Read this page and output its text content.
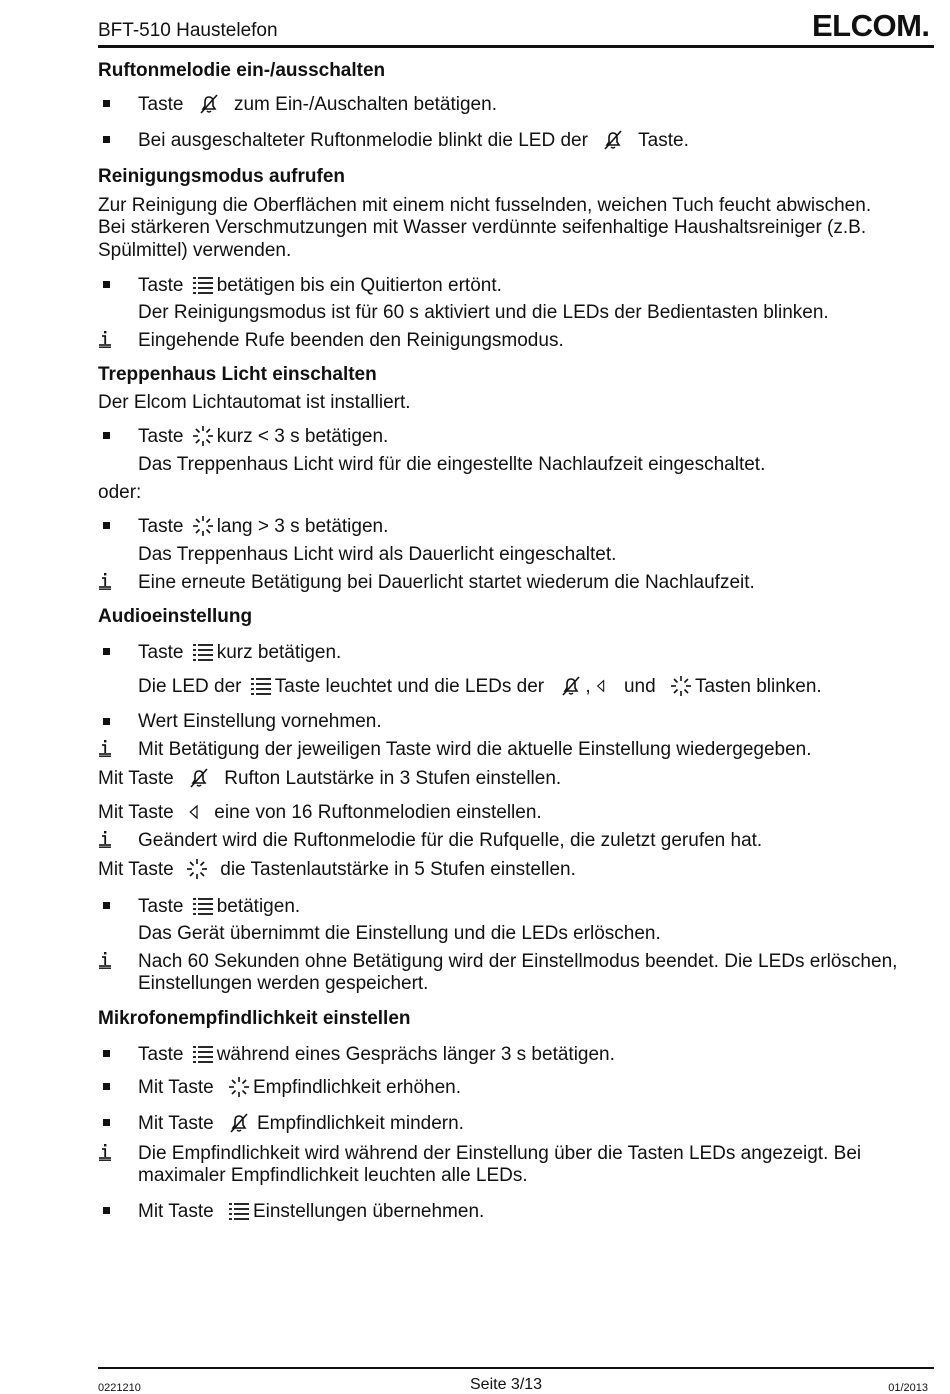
BFT-510 Haustelefon	ELCOM.
Ruftonmelodie ein-/ausschalten
Taste	zum Ein-/Auschalten betätigen.
Bei ausgeschalteter Ruftonmelodie blinkt die LED der	Taste.
Reinigungsmodus aufrufen
Zur Reinigung die Oberflächen mit einem nicht fusselnden, weichen Tuch feucht abwischen.
Bei stärkeren Verschmutzungen mit Wasser verdünnte seifenhaltige Haushaltsreiniger (z.B.
Spülmittel) verwenden.
Taste betätigen bis ein Quitierton ertönt.
Der Reinigungsmodus ist für 60 s aktiviert und die LEDs der Bedientasten blinken.
Eingehende Rufe beenden den Reinigungsmodus.
Treppenhaus Licht einschalten
Der Elcom Lichtautomat ist installiert.
Taste kurz < 3 s betätigen.
Das Treppenhaus Licht wird für die eingestellte Nachlaufzeit eingeschaltet.
oder:
Taste lang > 3 s betätigen.
Das Treppenhaus Licht wird als Dauerlicht eingeschaltet.
Eine erneute Betätigung bei Dauerlicht startet wiederum die Nachlaufzeit.
Audioeinstellung
Taste kurz betätigen.
Die LED der Taste leuchtet und die LEDs der , und Tasten blinken.
Wert Einstellung vornehmen.
Mit Betätigung der jeweiligen Taste wird die aktuelle Einstellung wiedergegeben.
Mit Taste	Rufton Lautstärke in 3 Stufen einstellen.
Mit Taste eine von 16 Ruftonmelodien einstellen.
Geändert wird die Ruftonmelodie für die Rufquelle, die zuletzt gerufen hat.
Mit Taste die Tastenlautstärke in 5 Stufen einstellen.
Taste betätigen.
Das Gerät übernimmt die Einstellung und die LEDs erlöschen.
Nach 60 Sekunden ohne Betätigung wird der Einstellmodus beendet. Die LEDs erlöschen,
Einstellungen werden gespeichert.
Mikrofonempfindlichkeit einstellen
Taste während eines Gesprächs länger 3 s betätigen.
Mit Taste Empfindlichkeit erhöhen.
Mit Taste Empfindlichkeit mindern.
Die Empfindlichkeit wird während der Einstellung über die Tasten LEDs angezeigt. Bei
maximaler Empfindlichkeit leuchten alle LEDs.
Mit Taste Einstellungen übernehmen.
0221210	Seite 3/13	01/2013
